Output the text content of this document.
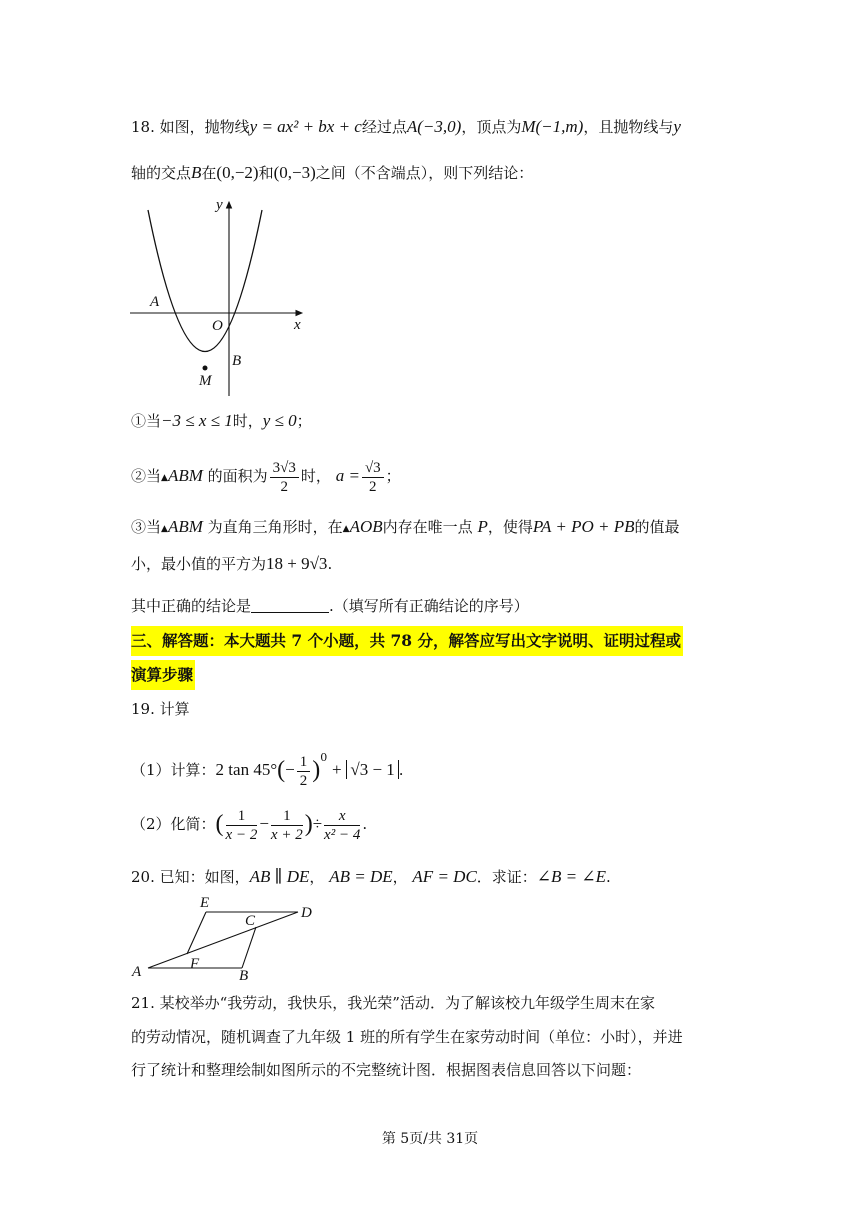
18. 如图，抛物线y = ax² + bx + c经过点A(−3,0)，顶点为M(−1,m)，且抛物线与y
轴的交点B在(0,−2)和(0,−3)之间（不含端点），则下列结论：
y
x
A
O
B
M
①当−3 ≤ x ≤ 1时，y ≤ 0；
②当▲ABM 的面积为 $\frac{3√3}{2}$ 时， $a = \frac{√3}{2}$ ；
③当▲ABM 为直角三角形时，在▲AOB内存在唯一点 P，使得PA + PO + PB的值最
小，最小值的平方为18 + 9√3.
其中正确的结论是	.（填写所有正确结论的序号）
三、解答题：本大题共 7 个小题，共 78 分，解答应写出文字说明、证明过程或
演算步骤
19. 计算
（1）计算：2 $\tan 45^\circ(- \frac{1}{2} )^0 + √3 - 1$ .
（2）化简：( $\frac{1}{x - 2} - \frac{1}{x + 2}$ )÷ $\frac{x}{\text{x² − 4}}$ .
20. 已知：如图，AB ∥ DE， AB = DE， AF = DC．求证：∠B = ∠E.
E
C	D
F
A	B
21. 某校举办“我劳动，我快乐，我光荣”活动．为了解该校九年级学生周末在家
的劳动情况，随机调查了九年级 1 班的所有学生在家劳动时间（单位：小时），并进
行了统计和整理绘制如图所示的不完整统计图．根据图表信息回答以下问题：
第 5页/共 31页
